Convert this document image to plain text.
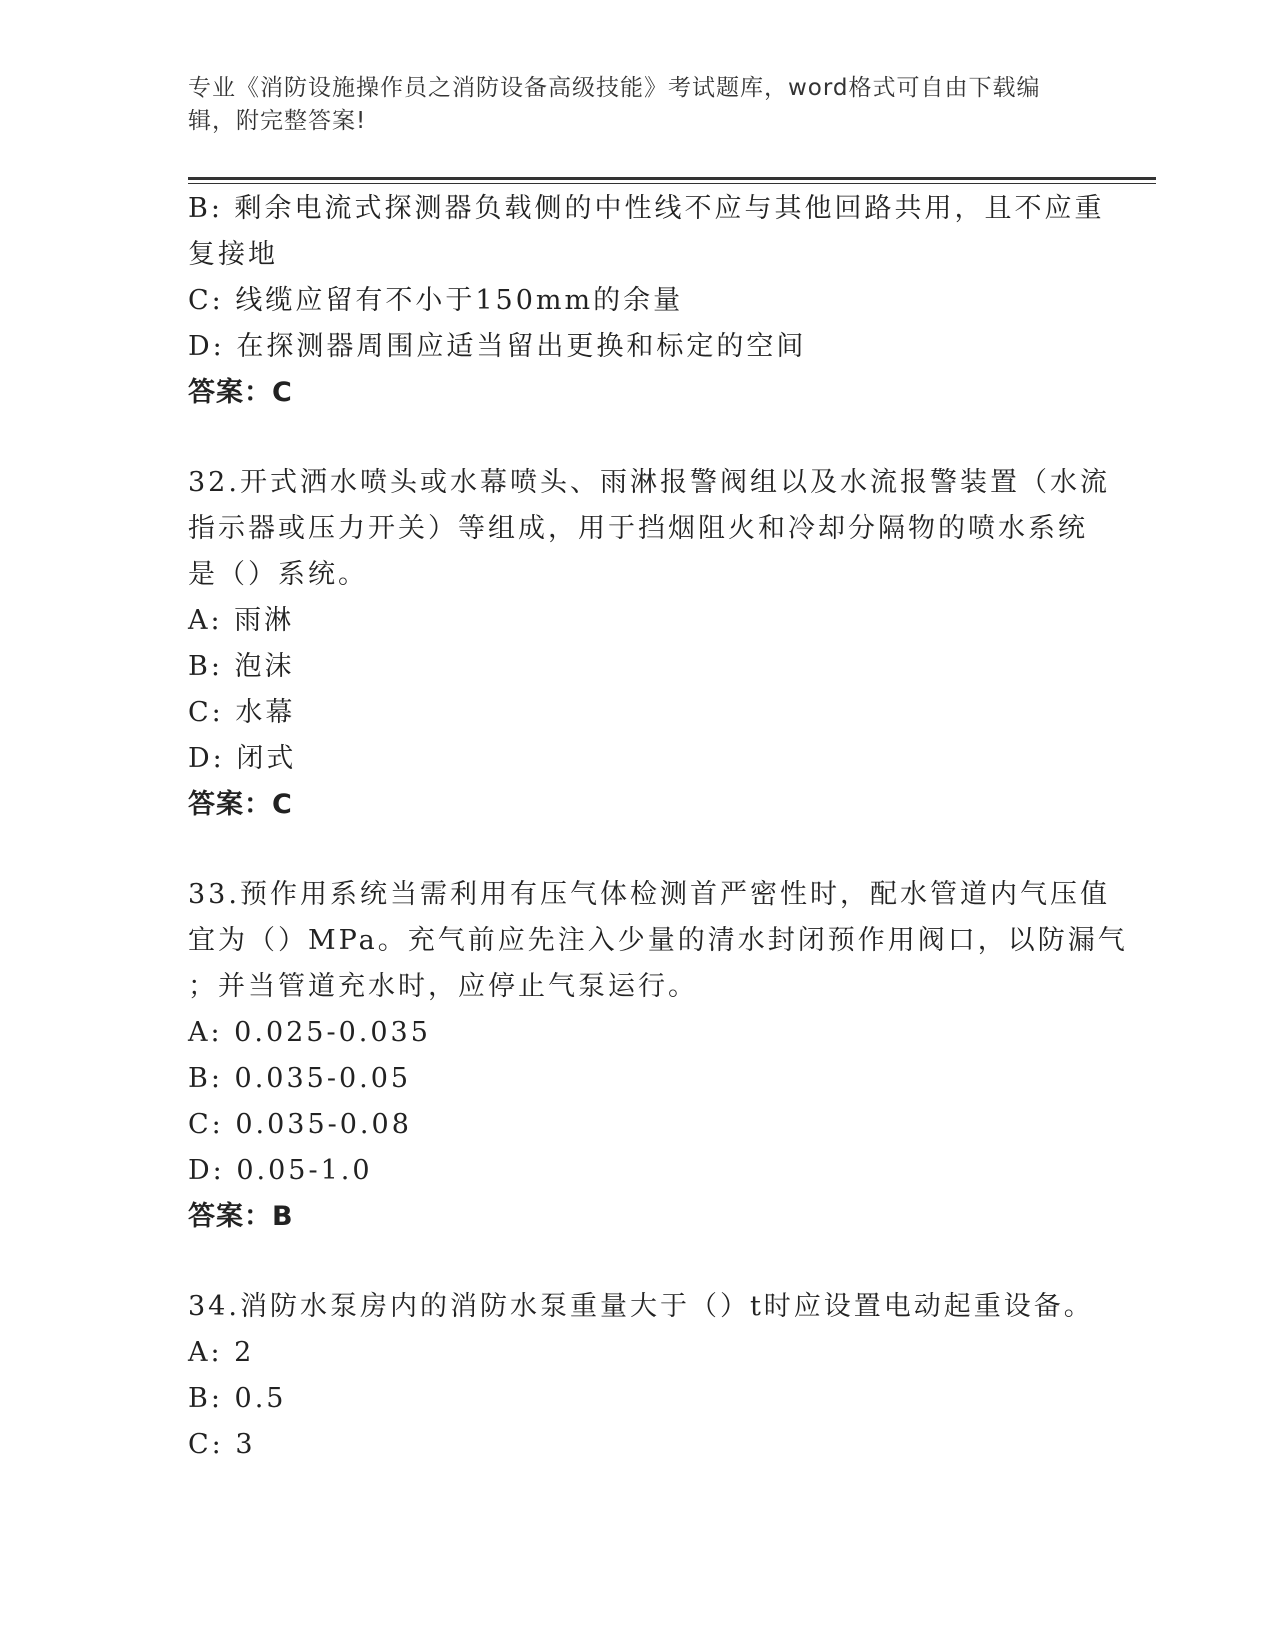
专业《消防设施操作员之消防设备高级技能》考试题库，word格式可自由下载编
辑，附完整答案!
B: 剩余电流式探测器负载侧的中性线不应与其他回路共用，且不应重
复接地
C: 线缆应留有不小于150mm的余量
D: 在探测器周围应适当留出更换和标定的空间
答案：C
32.开式洒水喷头或水幕喷头、雨淋报警阀组以及水流报警装置（水流
指示器或压力开关）等组成，用于挡烟阻火和冷却分隔物的喷水系统
是（）系统。
A: 雨淋
B: 泡沫
C: 水幕
D: 闭式
答案：C
33.预作用系统当需利用有压气体检测首严密性时，配水管道内气压值
宜为（）MPa。充气前应先注入少量的清水封闭预作用阀口，以防漏气
；并当管道充水时，应停止气泵运行。
A: 0.025-0.035
B: 0.035-0.05
C: 0.035-0.08
D: 0.05-1.0
答案：B
34.消防水泵房内的消防水泵重量大于（）t时应设置电动起重设备。
A: 2
B: 0.5
C: 3
